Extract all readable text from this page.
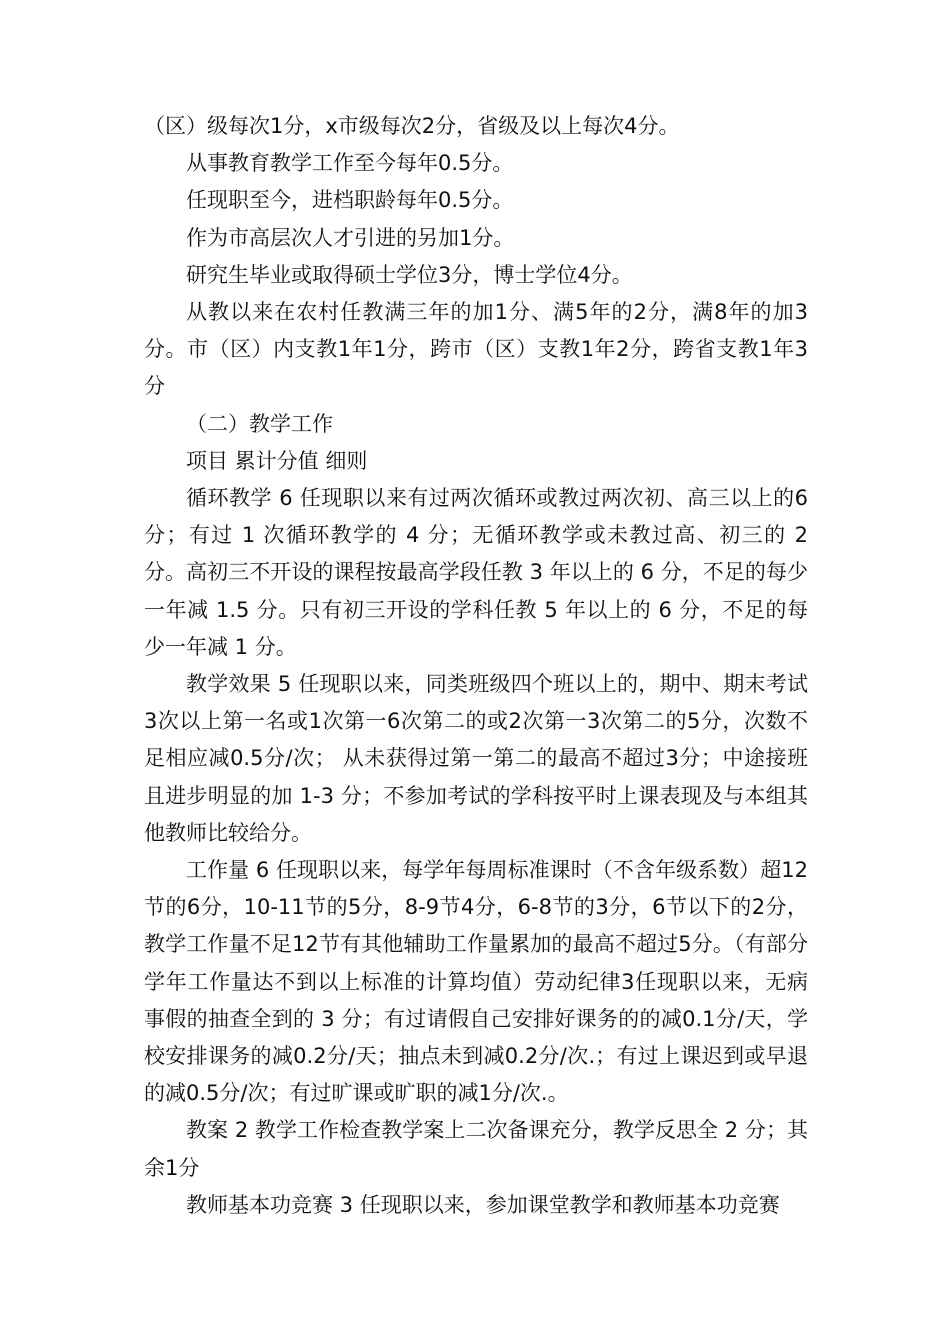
（区）级每次1分，x市级每次2分，省级及以上每次4分。

从事教育教学工作至今每年0.5分。

任现职至今，进档职龄每年0.5分。

作为市高层次人才引进的另加1分。

研究生毕业或取得硕士学位3分，博士学位4分。

从教以来在农村任教满三年的加1分、满5年的2分，满8年的加3分。市（区）内支教1年1分，跨市（区）支教1年2分，跨省支教1年3分

（二）教学工作

项目 累计分值 细则

循环教学 6 任现职以来有过两次循环或教过两次初、高三以上的6分；有过 1 次循环教学的 4 分；无循环教学或未教过高、初三的 2 分。高初三不开设的课程按最高学段任教 3 年以上的 6 分，不足的每少一年减 1.5 分。只有初三开设的学科任教 5 年以上的 6 分，不足的每少一年减 1 分。

教学效果 5 任现职以来，同类班级四个班以上的，期中、期末考试3次以上第一名或1次第一6次第二的或2次第一3次第二的5分，次数不足相应减0.5分/次； 从未获得过第一第二的最高不超过3分；中途接班且进步明显的加 1-3 分；不参加考试的学科按平时上课表现及与本组其他教师比较给分。

工作量 6 任现职以来，每学年每周标准课时（不含年级系数）超12节的6分，10-11节的5分，8-9节4分，6-8节的3分，6节以下的2分，教学工作量不足12节有其他辅助工作量累加的最高不超过5分。（有部分学年工作量达不到以上标准的计算均值）劳动纪律3任现职以来，无病事假的抽查全到的 3 分；有过请假自己安排好课务的的减0.1分/天，学校安排课务的减0.2分/天；抽点未到减0.2分/次.；有过上课迟到或早退的减0.5分/次；有过旷课或旷职的减1分/次.。

教案 2 教学工作检查教学案上二次备课充分，教学反思全 2 分；其余1分

教师基本功竞赛 3 任现职以来，参加课堂教学和教师基本功竞赛
